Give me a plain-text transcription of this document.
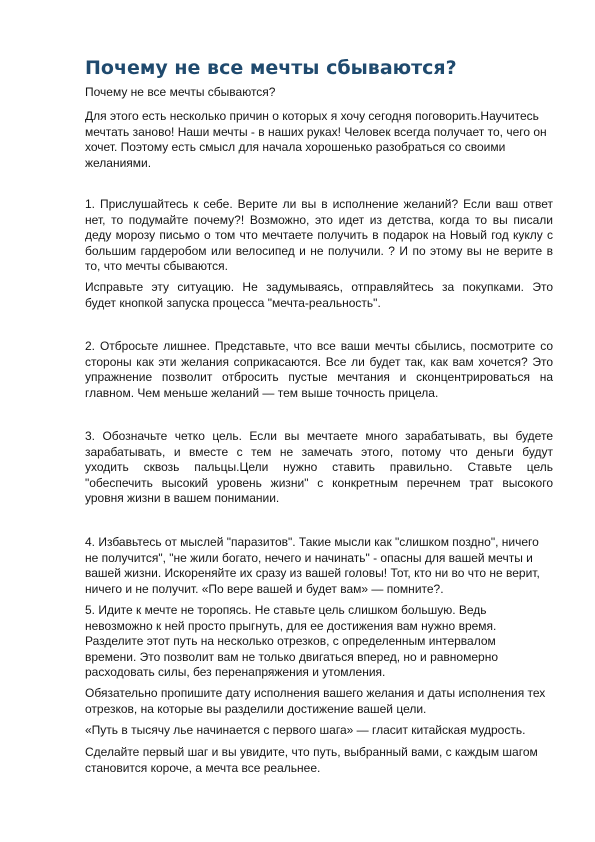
Почему не все мечты сбываются?
Почему не все мечты сбываются?
Для этого есть несколько причин о которых я хочу сегодня поговорить.Научитесь
мечтать заново! Наши мечты - в наших руках! Человек всегда получает то, чего он
хочет. Поэтому есть смысл для начала хорошенько разобраться со своими
желаниями.
1. Прислушайтесь к себе. Верите ли вы в исполнение желаний? Если ваш ответ
нет, то подумайте почему?! Возможно, это идет из детства, когда то вы писали
деду морозу письмо о том что мечтаете получить в подарок на Новый год куклу с
большим гардеробом или велосипед и не получили. ? И по этому вы не верите в
то, что мечты сбываются.
Исправьте эту ситуацию. Не задумываясь, отправляйтесь за покупками. Это
будет кнопкой запуска процесса "мечта-реальность".
2. Отбросьте лишнее. Представьте, что все ваши мечты сбылись, посмотрите со
стороны как эти желания соприкасаются. Все ли будет так, как вам хочется? Это
упражнение позволит отбросить пустые мечтания и сконцентрироваться на
главном. Чем меньше желаний — тем выше точность прицела.
3. Обозначьте четко цель. Если вы мечтаете много зарабатывать, вы будете
зарабатывать, и вместе с тем не замечать этого, потому что деньги будут
уходить сквозь пальцы.Цели нужно ставить правильно. Ставьте цель
"обеспечить высокий уровень жизни" с конкретным перечнем трат высокого
уровня жизни в вашем понимании.
4. Избавьтесь от мыслей "паразитов". Такие мысли как "слишком поздно", ничего
не получится", "не жили богато, нечего и начинать" - опасны для вашей мечты и
вашей жизни. Искореняйте их сразу из вашей головы! Тот, кто ни во что не верит,
ничего и не получит. «По вере вашей и будет вам» — помните?.
5. Идите к мечте не торопясь. Не ставьте цель слишком большую. Ведь
невозможно к ней просто прыгнуть, для ее достижения вам нужно время.
Разделите этот путь на несколько отрезков, с определенным интервалом
времени. Это позволит вам не только двигаться вперед, но и равномерно
расходовать силы, без перенапряжения и утомления.
Обязательно пропишите дату исполнения вашего желания и даты исполнения тех
отрезков, на которые вы разделили достижение вашей цели.
«Путь в тысячу лье начинается с первого шага» — гласит китайская мудрость.
Сделайте первый шаг и вы увидите, что путь, выбранный вами, с каждым шагом
становится короче, а мечта все реальнее.
